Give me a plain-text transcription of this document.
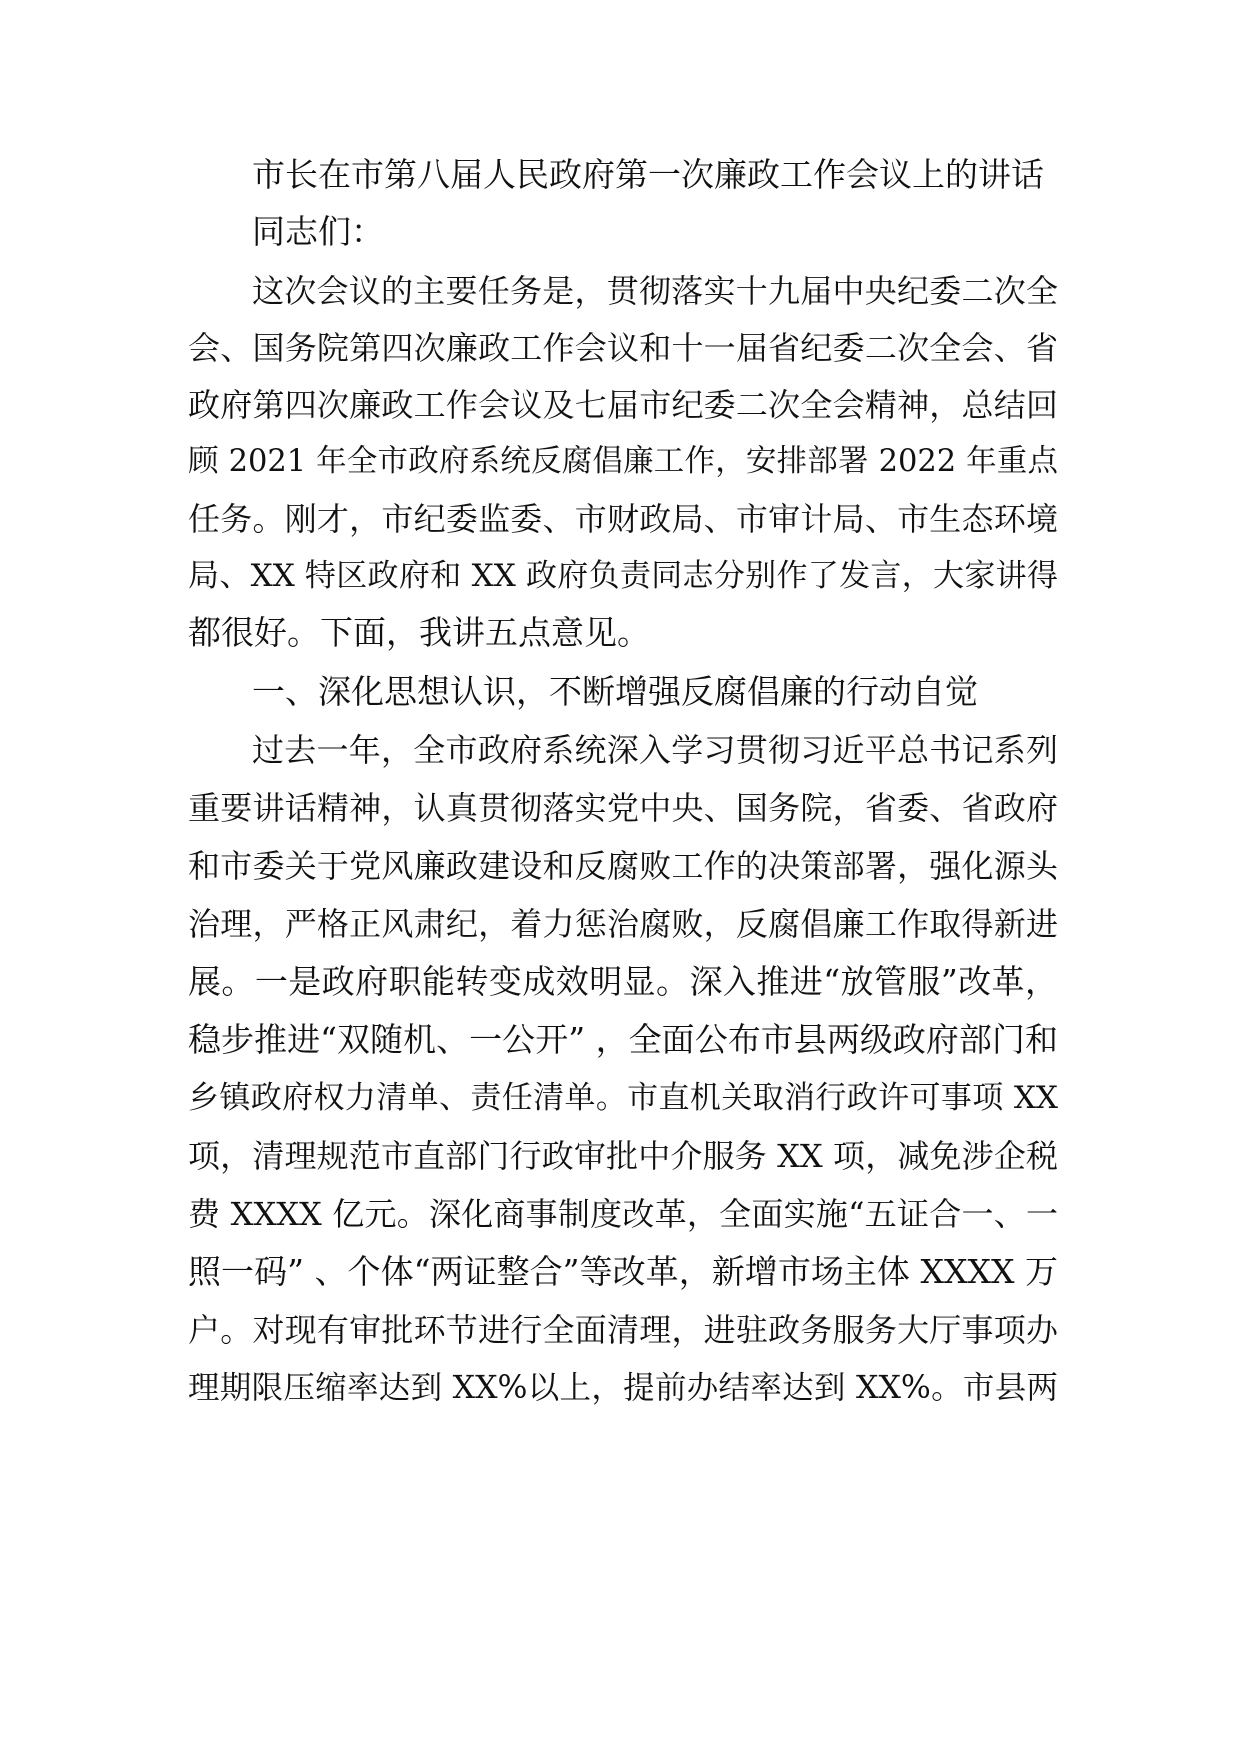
市长在市第八届人民政府第一次廉政工作会议上的讲话
同志们：
这次会议的主要任务是，贯彻落实十九届中央纪委二次全
会、国务院第四次廉政工作会议和十一届省纪委二次全会、省
政府第四次廉政工作会议及七届市纪委二次全会精神，总结回
顾 2021 年全市政府系统反腐倡廉工作，安排部署 2022 年重点
任务。刚才，市纪委监委、市财政局、市审计局、市生态环境
局、XX 特区政府和 XX 政府负责同志分别作了发言，大家讲得
都很好。下面，我讲五点意见。
一、深化思想认识，不断增强反腐倡廉的行动自觉
过去一年，全市政府系统深入学习贯彻习近平总书记系列
重要讲话精神，认真贯彻落实党中央、国务院，省委、省政府
和市委关于党风廉政建设和反腐败工作的决策部署，强化源头
治理，严格正风肃纪，着力惩治腐败，反腐倡廉工作取得新进
展。一是政府职能转变成效明显。深入推进“放管服”改革，
稳步推进“双随机、一公开” ，全面公布市县两级政府部门和
乡镇政府权力清单、责任清单。市直机关取消行政许可事项 XX
项，清理规范市直部门行政审批中介服务 XX 项，减免涉企税
费 XXXX 亿元。深化商事制度改革，全面实施“五证合一、一
照一码” 、个体“两证整合”等改革，新增市场主体 XXXX 万
户。对现有审批环节进行全面清理，进驻政务服务大厅事项办
理期限压缩率达到 XX%以上，提前办结率达到 XX%。市县两
